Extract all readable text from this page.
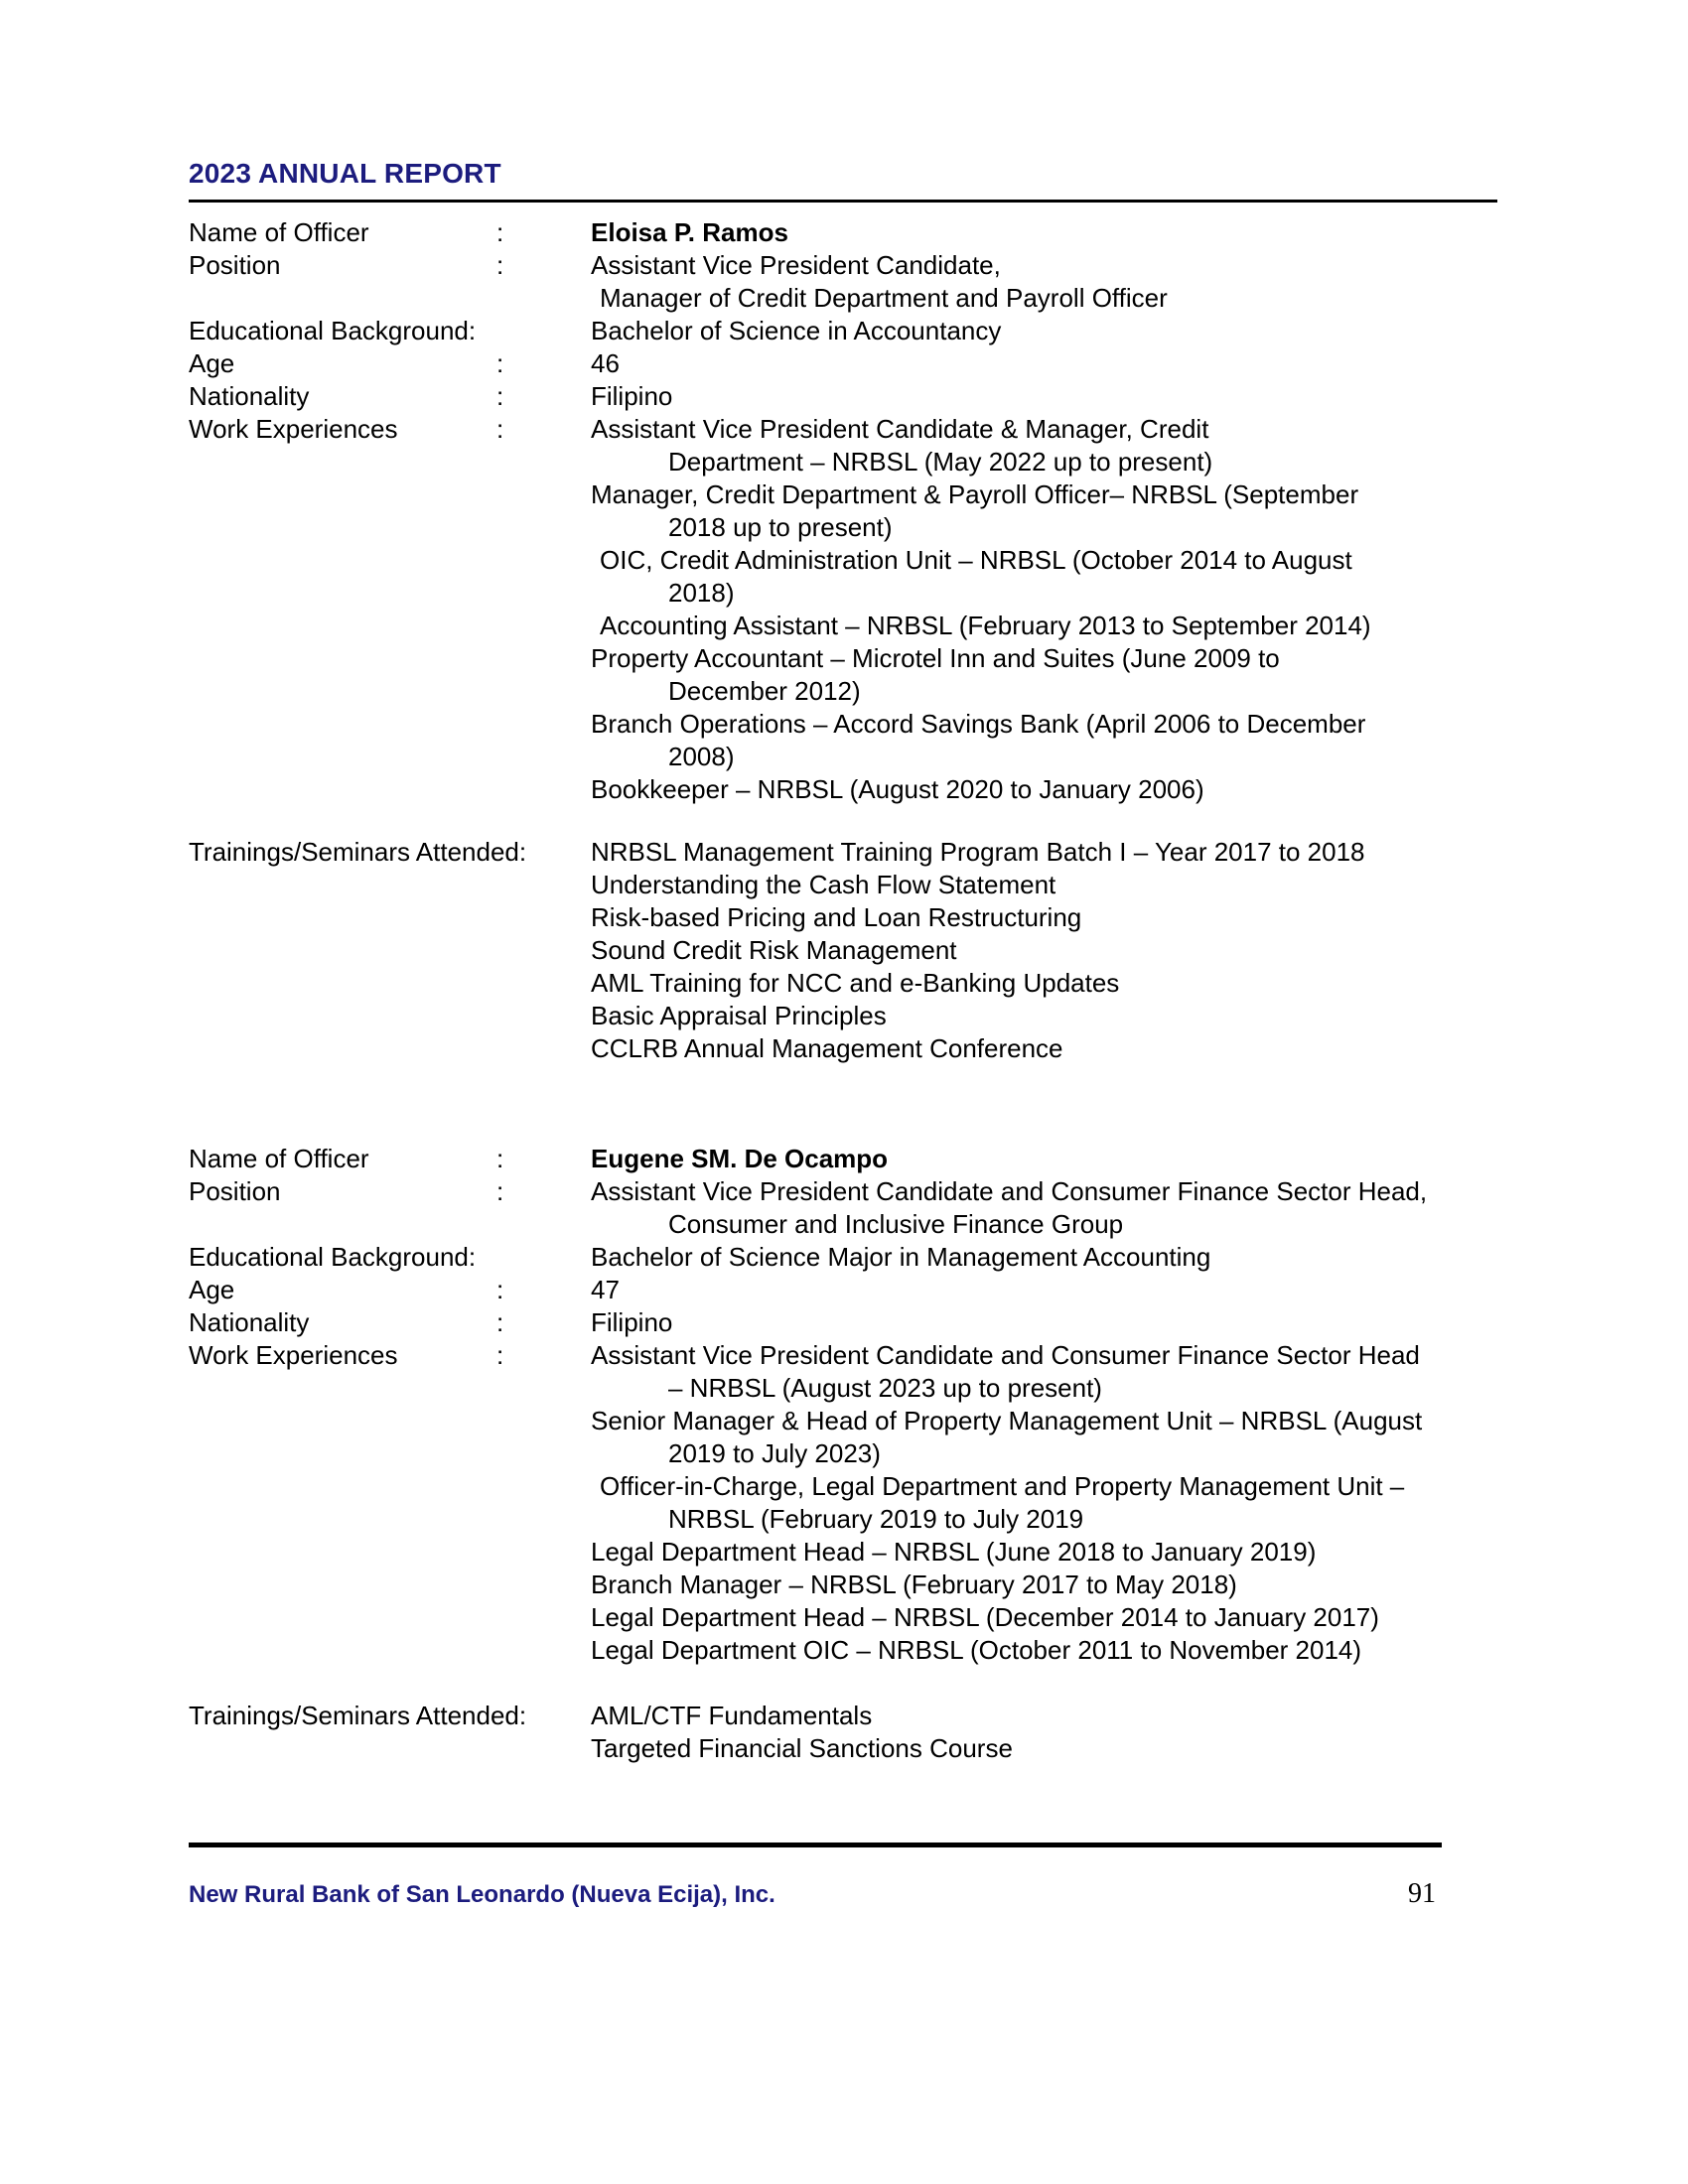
2023 ANNUAL REPORT
Name of Officer	:	Eloisa P. Ramos
Position	:	Assistant Vice President Candidate,
Manager of Credit Department and Payroll Officer
Educational Background:	Bachelor of Science in Accountancy
Age	:	46
Nationality	:	Filipino
Work Experiences	:	Assistant Vice President Candidate & Manager, Credit
Department – NRBSL (May 2022 up to present)
Manager, Credit Department & Payroll Officer– NRBSL (September
2018 up to present)
OIC, Credit Administration Unit – NRBSL (October 2014 to August
2018)
Accounting Assistant – NRBSL (February 2013 to September 2014)
Property Accountant – Microtel Inn and Suites (June 2009 to
December 2012)
Branch Operations – Accord Savings Bank (April 2006 to December
2008)
Bookkeeper – NRBSL (August 2020 to January 2006)
Trainings/Seminars Attended:	NRBSL Management Training Program Batch I – Year 2017 to 2018
Understanding the Cash Flow Statement
Risk-based Pricing and Loan Restructuring
Sound Credit Risk Management
AML Training for NCC and e-Banking Updates
Basic Appraisal Principles
CCLRB Annual Management Conference
Name of Officer	:	Eugene SM. De Ocampo
Position	:	Assistant Vice President Candidate and Consumer Finance Sector Head,
Consumer and Inclusive Finance Group
Educational Background:	Bachelor of Science Major in Management Accounting
Age	:	47
Nationality	:	Filipino
Work Experiences	:	Assistant Vice President Candidate and Consumer Finance Sector Head
– NRBSL (August 2023 up to present)
Senior Manager & Head of Property Management Unit – NRBSL (August
2019 to July 2023)
Officer-in-Charge, Legal Department and Property Management Unit –
NRBSL (February 2019 to July 2019
Legal Department Head – NRBSL (June 2018 to January 2019)
Branch Manager – NRBSL (February 2017 to May 2018)
Legal Department Head – NRBSL (December 2014 to January 2017)
Legal Department OIC – NRBSL (October 2011 to November 2014)
Trainings/Seminars Attended:	AML/CTF Fundamentals
Targeted Financial Sanctions Course
New Rural Bank of San Leonardo (Nueva Ecija), Inc.	91
